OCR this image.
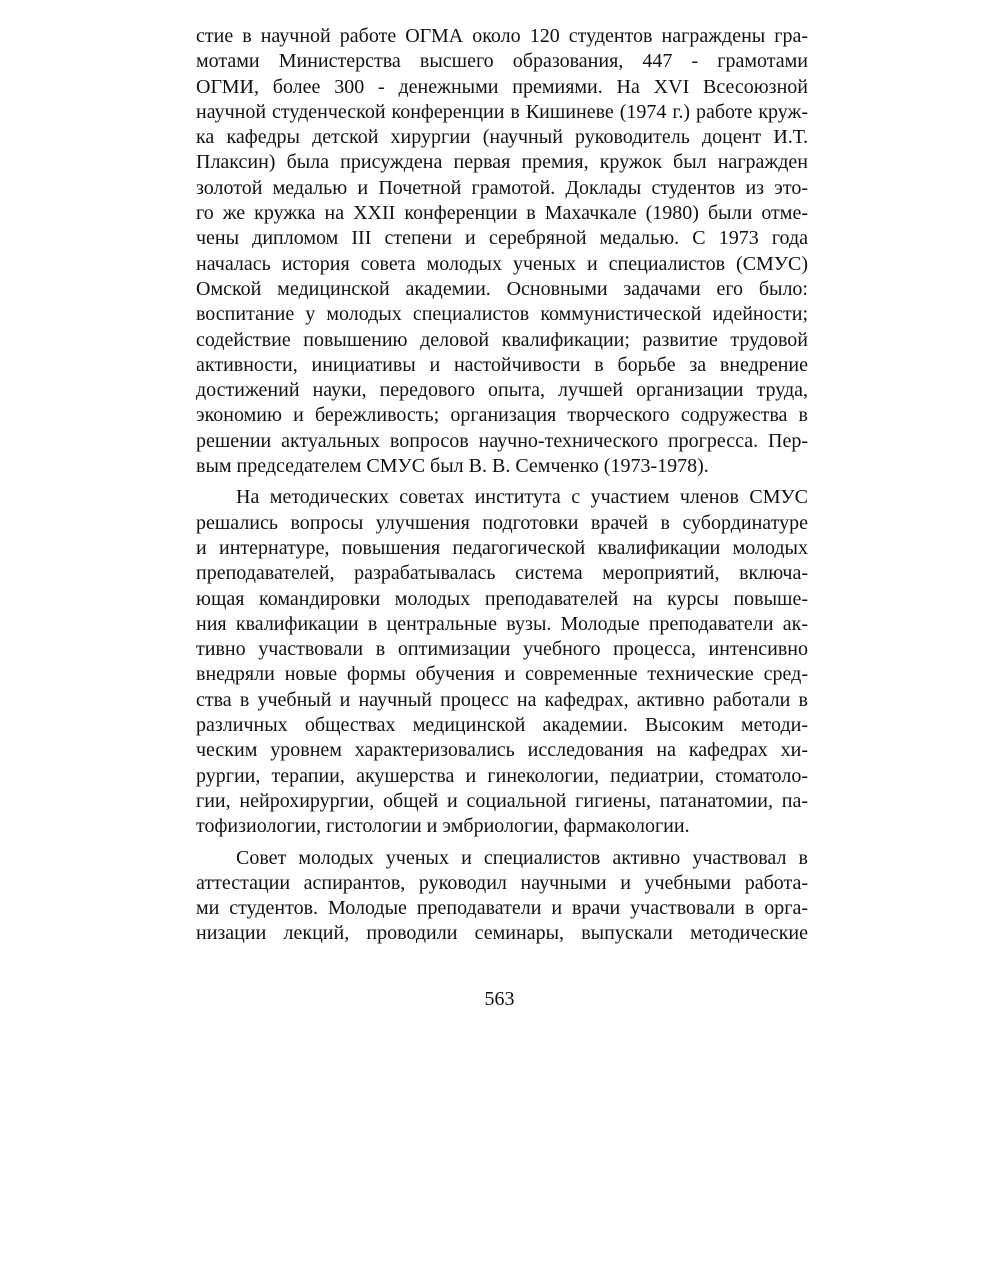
стие в научной работе ОГМА около 120 студентов награждены гра-
мотами Министерства высшего образования, 447 - грамотами
ОГМИ, более 300 - денежными премиями. На XVI Всесоюзной
научной студенческой конференции в Кишиневе (1974 г.) работе круж-
ка кафедры детской хирургии (научный руководитель доцент И.Т.
Плаксин) была присуждена первая премия, кружок был награжден
золотой медалью и Почетной грамотой. Доклады студентов из это-
го же кружка на XXII конференции в Махачкале (1980) были отме-
чены дипломом III степени и серебряной медалью. С 1973 года
началась история совета молодых ученых и специалистов (СМУС)
Омской медицинской академии. Основными задачами его было:
воспитание у молодых специалистов коммунистической идейности;
содействие повышению деловой квалификации; развитие трудовой
активности, инициативы и настойчивости в борьбе за внедрение
достижений науки, передового опыта, лучшей организации труда,
экономию и бережливость; организация творческого содружества в
решении актуальных вопросов научно-технического прогресса. Пер-
вым председателем СМУС был В. В. Семченко (1973-1978).
На методических советах института с участием членов СМУС
решались вопросы улучшения подготовки врачей в субординатуре
и интернатуре, повышения педагогической квалификации молодых
преподавателей, разрабатывалась система мероприятий, включа-
ющая командировки молодых преподавателей на курсы повыше-
ния квалификации в центральные вузы. Молодые преподаватели ак-
тивно участвовали в оптимизации учебного процесса, интенсивно
внедряли новые формы обучения и современные технические сред-
ства в учебный и научный процесс на кафедрах, активно работали в
различных обществах медицинской академии. Высоким методи-
ческим уровнем характеризовались исследования на кафедрах хи-
рургии, терапии, акушерства и гинекологии, педиатрии, стоматоло-
гии, нейрохирургии, общей и социальной гигиены, патанатомии, па-
тофизиологии, гистологии и эмбриологии, фармакологии.
Совет молодых ученых и специалистов активно участвовал в
аттестации аспирантов, руководил научными и учебными работа-
ми студентов. Молодые преподаватели и врачи участвовали в орга-
низации лекций, проводили семинары, выпускали методические
563
